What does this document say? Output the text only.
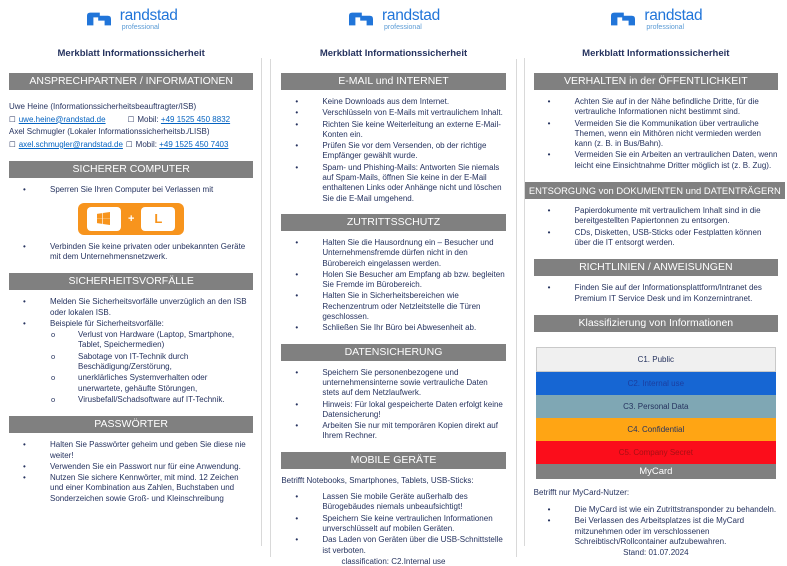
randstad
professional
Merkblatt Informationssicherheit
ANSPRECHPARTNER / INFORMATIONEN
Uwe Heine (Informationssicherheitsbeauftragter/ISB)
☐ uwe.heine@randstad.de	☐ Mobil: +49 1525 450 8832
Axel Schmugler (Lokaler Informationssicherheitsb./LISB)
☐ axel.schmugler@randstad.de ☐ Mobil: +49 1525 450 7403
SICHERER COMPUTER
• Sperren Sie Ihren Computer bei Verlassen mit
+	L
• Verbinden Sie keine privaten oder unbekannten Geräte mit dem Unternehmensnetzwerk.
SICHERHEITSVORFÄLLE
• Melden Sie Sicherheitsvorfälle unverzüglich an den ISB oder lokalen ISB.
• Beispiele für Sicherheitsvorfälle:
o Verlust von Hardware (Laptop, Smartphone, Tablet, Speichermedien)
o Sabotage von IT-Technik durch Beschädigung/Zerstörung,
o unerklärliches Systemverhalten oder unerwartete, gehäufte Störungen,
o Virusbefall/Schadsoftware auf IT-Technik.
PASSWÖRTER
• Halten Sie Passwörter geheim und geben Sie diese nie weiter!
• Verwenden Sie ein Passwort nur für eine Anwendung.
• Nutzen Sie sichere Kennwörter, mit mind. 12 Zeichen und einer Kombination aus Zahlen, Buchstaben und Sonderzeichen sowie Groß- und Kleinschreibung
randstad
professional
Merkblatt Informationssicherheit
E-MAIL und INTERNET
• Keine Downloads aus dem Internet.
• Verschlüsseln von E-Mails mit vertraulichem Inhalt.
• Richten Sie keine Weiterleitung an externe E-Mail-Konten ein.
• Prüfen Sie vor dem Versenden, ob der richtige Empfänger gewählt wurde.
• Spam- und Phishing-Mails: Antworten Sie niemals auf Spam-Mails, öffnen Sie keine in der E-Mail enthaltenen Links oder Anhänge nicht und löschen Sie die E-Mail umgehend.
ZUTRITTSSCHUTZ
• Halten Sie die Hausordnung ein – Besucher und Unternehmensfremde dürfen nicht in den Bürobereich eingelassen werden.
• Holen Sie Besucher am Empfang ab bzw. begleiten Sie Fremde im Bürobereich.
• Halten Sie in Sicherheitsbereichen wie Rechenzentrum oder Netzleitstelle die Türen geschlossen.
• Schließen Sie Ihr Büro bei Abwesenheit ab.
DATENSICHERUNG
• Speichern Sie personenbezogene und unternehmensinterne sowie vertrauliche Daten stets auf dem Netzlaufwerk.
• Hinweis: Für lokal gespeicherte Daten erfolgt keine Datensicherung!
• Arbeiten Sie nur mit temporären Kopien direkt auf Ihrem Rechner.
MOBILE GERÄTE
Betrifft Notebooks, Smartphones, Tablets, USB-Sticks:
• Lassen Sie mobile Geräte außerhalb des Bürogebäudes niemals unbeaufsichtigt!
• Speichern Sie keine vertraulichen Informationen unverschlüsselt auf mobilen Geräten.
• Das Laden von Geräten über die USB-Schnittstelle ist verboten.
classification: C2.Internal use
randstad
professional
Merkblatt Informationssicherheit
VERHALTEN in der ÖFFENTLICHKEIT
• Achten Sie auf in der Nähe befindliche Dritte, für die vertrauliche Informationen nicht bestimmt sind.
• Vermeiden Sie die Kommunikation über vertrauliche Themen, wenn ein Mithören nicht vermieden werden kann (z. B. in Bus/Bahn).
• Vermeiden Sie ein Arbeiten an vertraulichen Daten, wenn leicht eine Einsichtnahme Dritter möglich ist (z. B. Zug).
ENTSORGUNG von DOKUMENTEN und DATENTRÄGERN
• Papierdokumente mit vertraulichem Inhalt sind in die bereitgestellten Papiertonnen zu entsorgen.
• CDs, Disketten, USB-Sticks oder Festplatten können über die IT entsorgt werden.
RICHTLINIEN / ANWEISUNGEN
• Finden Sie auf der Informationsplattform/Intranet des Premium IT Service Desk und im Konzernintranet.
Klassifizierung von Informationen
C1. Public
C2. Internal use
C3. Personal Data
C4. Confidential
C5. Company Secret
MyCard
Betrifft nur MyCard-Nutzer:
• Die MyCard ist wie ein Zutrittstransponder zu behandeln.
• Bei Verlassen des Arbeitsplatzes ist die MyCard mitzunehmen oder im verschlossenen Schreibtisch/Rollcontainer aufzubewahren.
Stand: 01.07.2024
